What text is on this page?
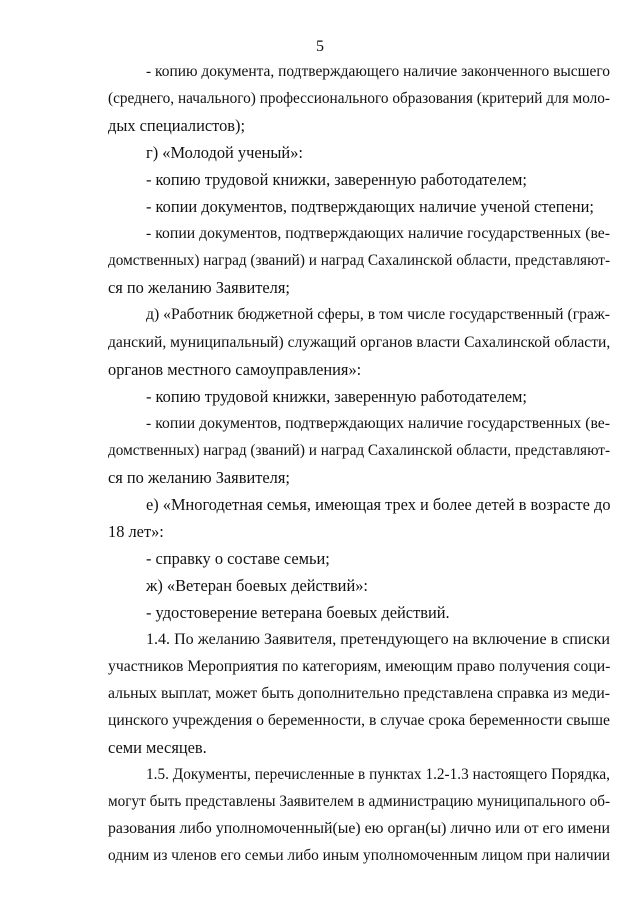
5
- копию документа, подтверждающего наличие законченного высшего
(среднего, начального) профессионального образования (критерий для моло-
дых специалистов);
г) «Молодой ученый»:
- копию трудовой книжки, заверенную работодателем;
- копии документов, подтверждающих наличие ученой степени;
- копии документов, подтверждающих наличие государственных (ве-
домственных) наград (званий) и наград Сахалинской области, представляют-
ся по желанию Заявителя;
д) «Работник бюджетной сферы, в том числе государственный (граж-
данский, муниципальный) служащий органов власти Сахалинской области,
органов местного самоуправления»:
- копию трудовой книжки, заверенную работодателем;
- копии документов, подтверждающих наличие государственных (ве-
домственных) наград (званий) и наград Сахалинской области, представляют-
ся по желанию Заявителя;
е) «Многодетная семья, имеющая трех и более детей в возрасте до
18 лет»:
- справку о составе семьи;
ж) «Ветеран боевых действий»:
- удостоверение ветерана боевых действий.
1.4. По желанию Заявителя, претендующего на включение в списки
участников Мероприятия по категориям, имеющим право получения соци-
альных выплат, может быть дополнительно представлена справка из меди-
цинского учреждения о беременности, в случае срока беременности свыше
семи месяцев.
1.5. Документы, перечисленные в пунктах 1.2-1.3 настоящего Порядка,
могут быть представлены Заявителем в администрацию муниципального об-
разования либо уполномоченный(ые) ею орган(ы) лично или от его имени
одним из членов его семьи либо иным уполномоченным лицом при наличии
